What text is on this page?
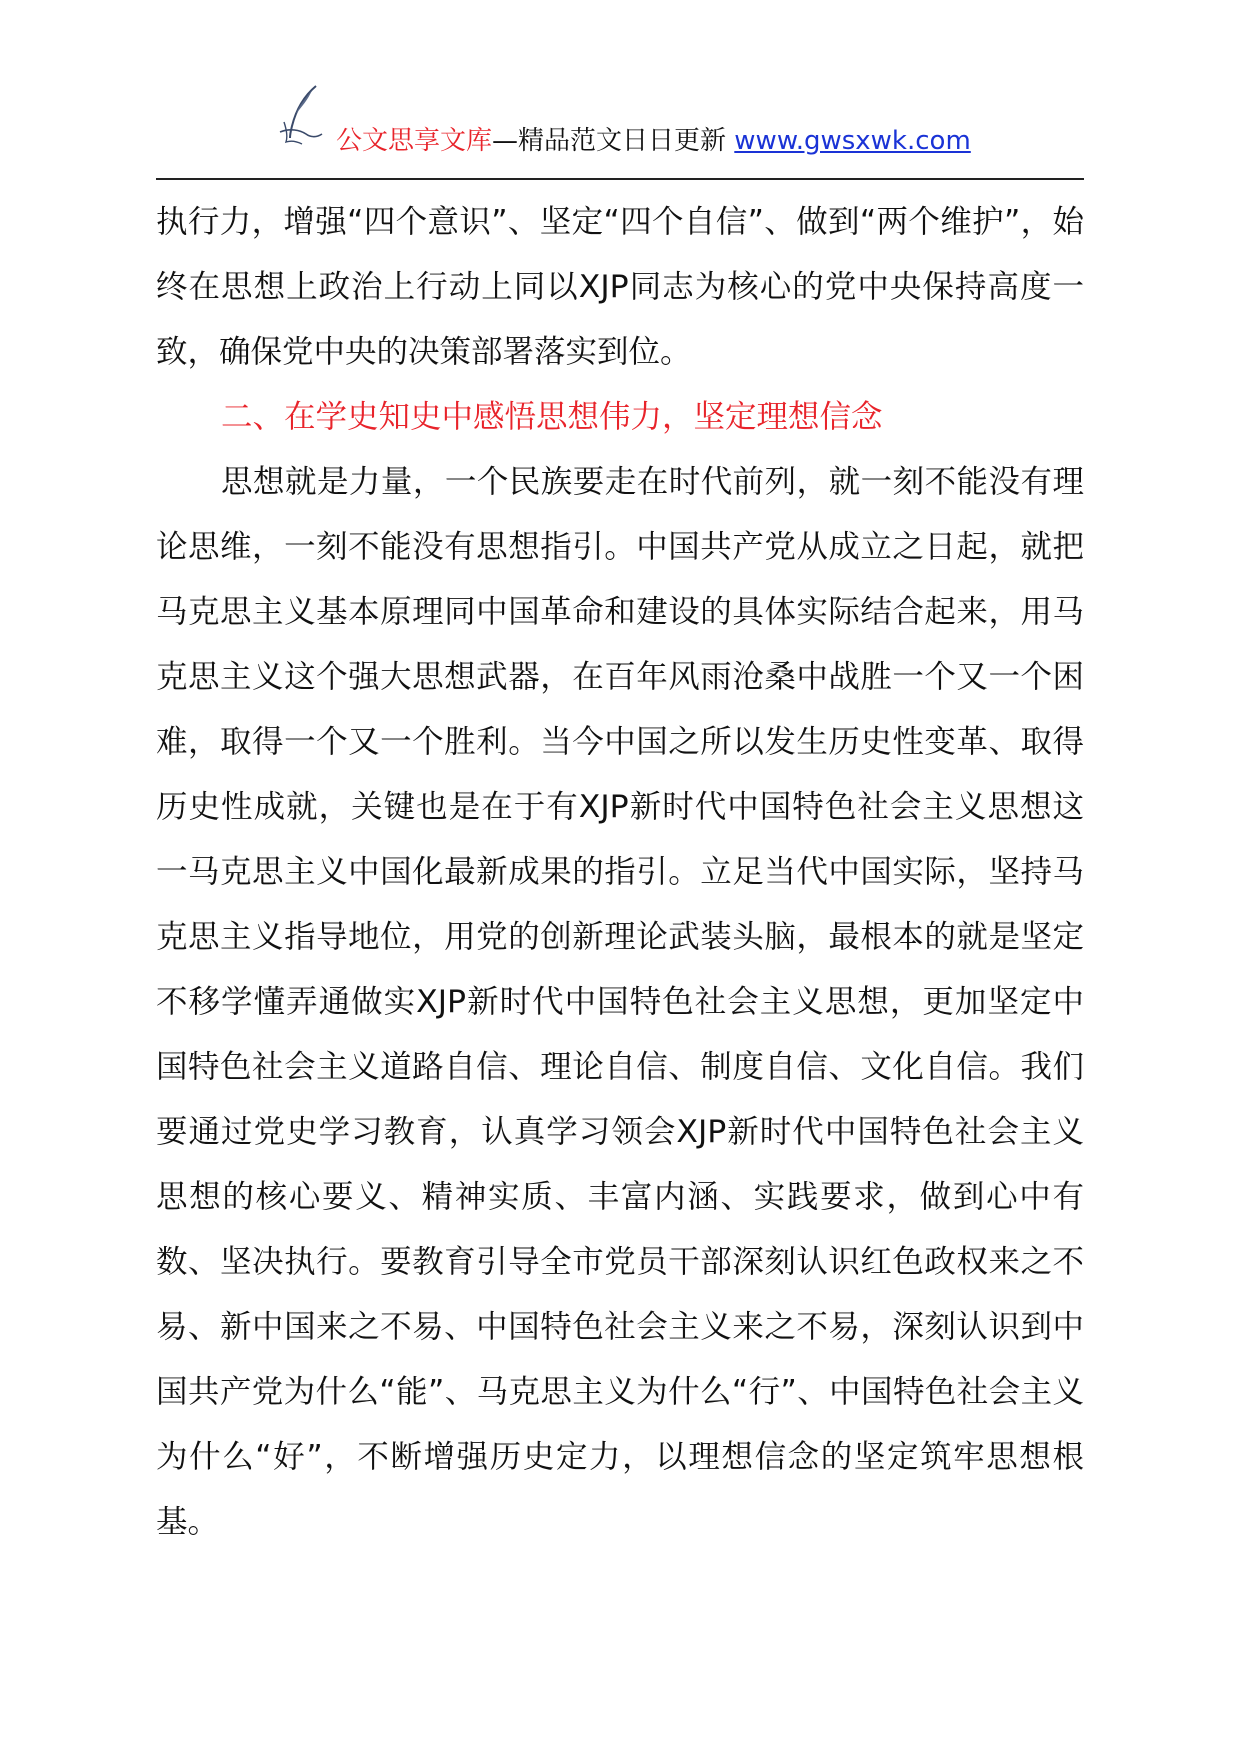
公文思享文库—精品范文日日更新 www.gwsxwk.com

执行力，增强“四个意识”、坚定“四个自信”、做到“两个维护”，始终在思想上政治上行动上同以XJP同志为核心的党中央保持高度一致，确保党中央的决策部署落实到位。

二、在学史知史中感悟思想伟力，坚定理想信念

思想就是力量，一个民族要走在时代前列，就一刻不能没有理论思维，一刻不能没有思想指引。中国共产党从成立之日起，就把马克思主义基本原理同中国革命和建设的具体实际结合起来，用马克思主义这个强大思想武器，在百年风雨沧桑中战胜一个又一个困难，取得一个又一个胜利。当今中国之所以发生历史性变革、取得历史性成就，关键也是在于有XJP新时代中国特色社会主义思想这一马克思主义中国化最新成果的指引。立足当代中国实际，坚持马克思主义指导地位，用党的创新理论武装头脑，最根本的就是坚定不移学懂弄通做实XJP新时代中国特色社会主义思想，更加坚定中国特色社会主义道路自信、理论自信、制度自信、文化自信。我们要通过党史学习教育，认真学习领会XJP新时代中国特色社会主义思想的核心要义、精神实质、丰富内涵、实践要求，做到心中有数、坚决执行。要教育引导全市党员干部深刻认识红色政权来之不易、新中国来之不易、中国特色社会主义来之不易，深刻认识到中国共产党为什么“能”、马克思主义为什么“行”、中国特色社会主义为什么“好”，不断增强历史定力，以理想信念的坚定筑牢思想根基。
